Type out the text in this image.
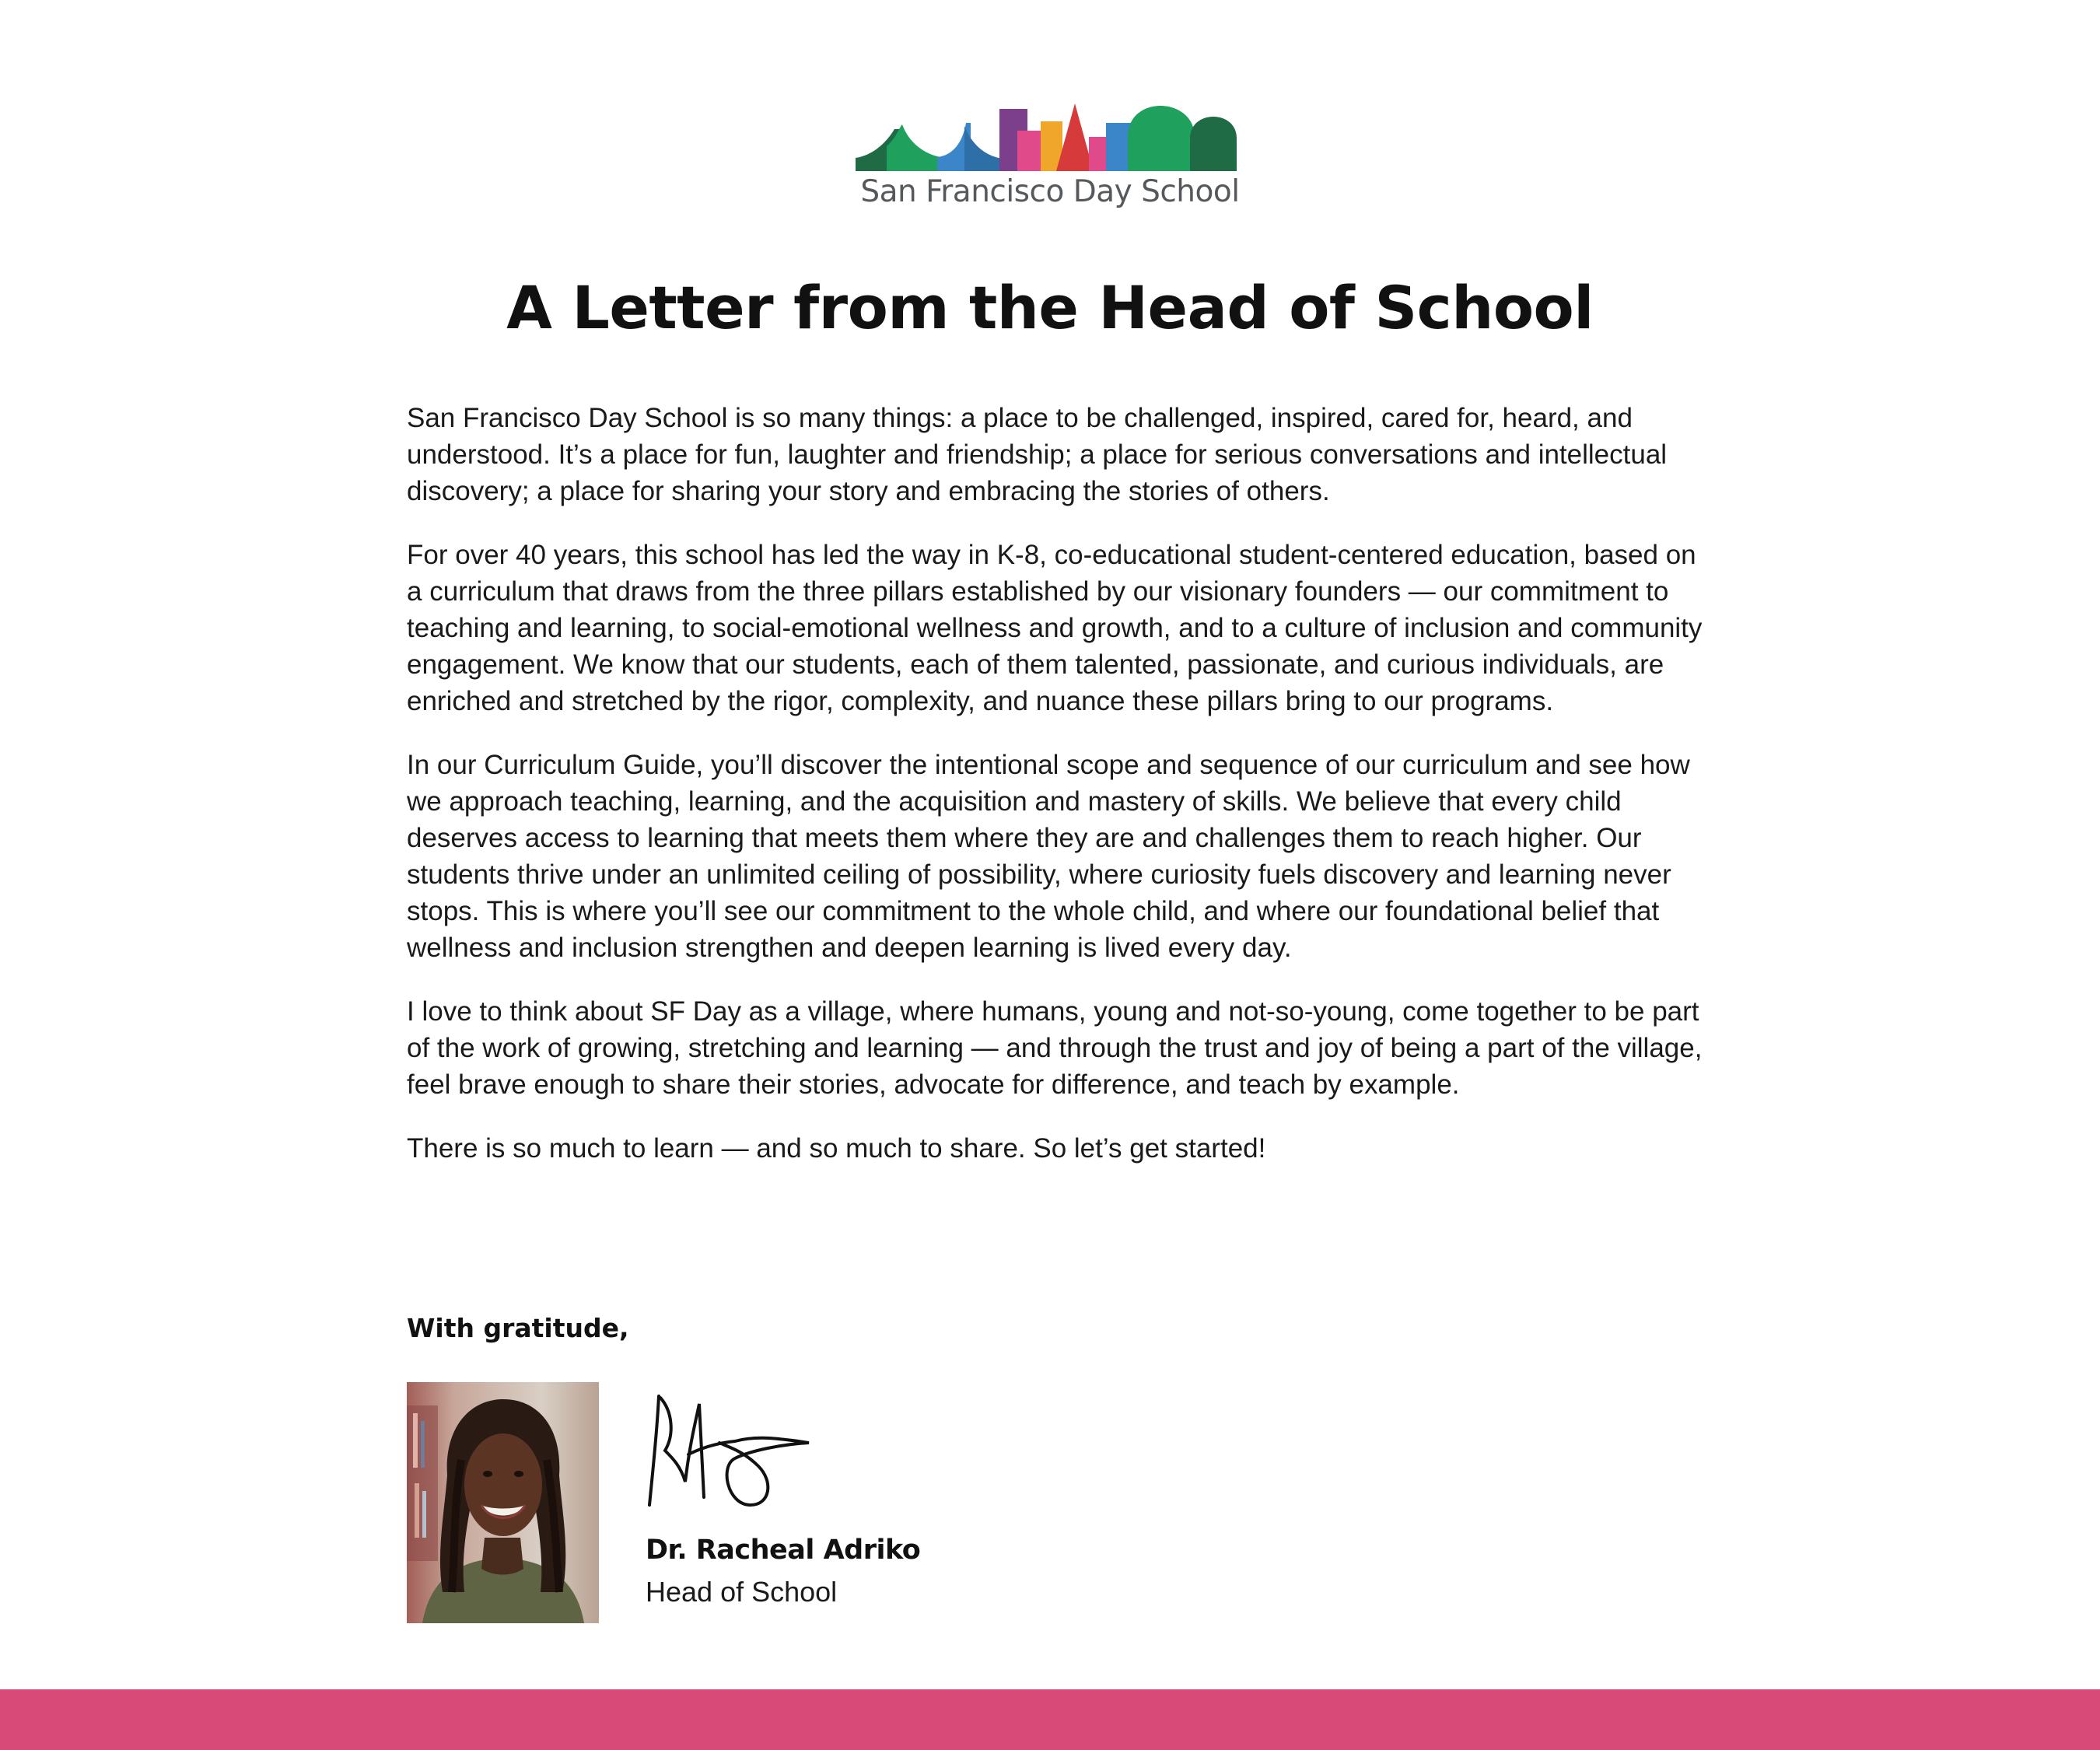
San Francisco Day School
A Letter from the Head of School

San Francisco Day School is so many things: a place to be challenged, inspired, cared for, heard, and understood. It’s a place for fun, laughter and friendship; a place for serious conversations and intellectual discovery; a place for sharing your story and embracing the stories of others.

For over 40 years, this school has led the way in K-8, co-educational student-centered education, based on a curriculum that draws from the three pillars established by our visionary founders — our commitment to teaching and learning, to social-emotional wellness and growth, and to a culture of inclusion and community engagement. We know that our students, each of them talented, passionate, and curious individuals, are enriched and stretched by the rigor, complexity, and nuance these pillars bring to our programs.

In our Curriculum Guide, you’ll discover the intentional scope and sequence of our curriculum and see how we approach teaching, learning, and the acquisition and mastery of skills. We believe that every child deserves access to learning that meets them where they are and challenges them to reach higher. Our students thrive under an unlimited ceiling of possibility, where curiosity fuels discovery and learning never stops. This is where you’ll see our commitment to the whole child, and where our foundational belief that wellness and inclusion strengthen and deepen learning is lived every day.

I love to think about SF Day as a village, where humans, young and not-so-young, come together to be part of the work of growing, stretching and learning — and through the trust and joy of being a part of the village, feel brave enough to share their stories, advocate for difference, and teach by example.

There is so much to learn — and so much to share. So let’s get started!

With gratitude,

Dr. Racheal Adriko

Head of School
